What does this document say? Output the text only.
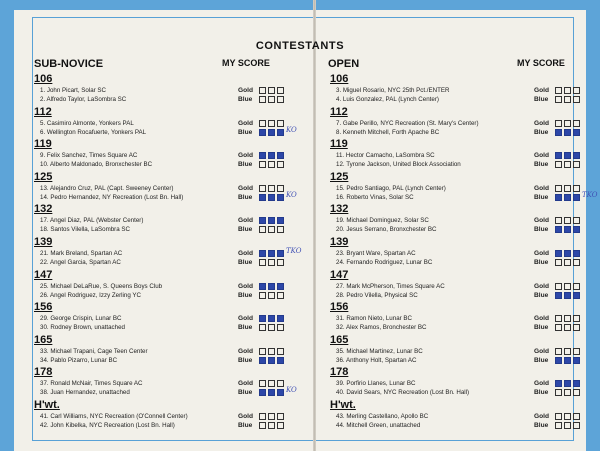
CONTESTANTS
SUB-NOVICE	MY SCORE	OPEN	MY SCORE
106
1. John Picart, Solar SC	Gold
2. Alfredo Taylor, LaSombra SC	Blue
112
5. Casimiro Almonte, Yonkers PAL	Gold
6. Wellington Rocafuerte, Yonkers PAL	Blue	KO
119
9. Felix Sanchez, Times Square AC	Gold
10. Alberto Maldonado, Bronxchester BC	Blue
125
13. Alejandro Cruz, PAL (Capt. Sweeney Center)	Gold
14. Pedro Hernandez, NY Recreation (Lost Bn. Hall)	Blue	KO
132
17. Angel Diaz, PAL (Webster Center)	Gold
18. Santos Vilella, LaSombra SC	Blue
139
21. Mark Breland, Spartan AC	Gold
22. Angel Garcia, Spartan AC	Blue
TKO
147
25. Michael DeLaRue, S. Queens Boys Club	Gold
26. Angel Rodriguez, Izzy Zerling YC	Blue
156
29. George Crispin, Lunar BC	Gold
30. Rodney Brown, unattached	Blue
165
33. Michael Trapani, Cage Teen Center	Gold
34. Pablo Pizarro, Lunar BC	Blue
178
37. Ronald McNair, Times Square AC	Gold
38. Juan Hernandez, unattached	Blue	KO
H'wt.
41. Carl Williams, NYC Recreation (O'Connell Center)	Gold
42. John Kibelka, NYC Recreation (Lost Bn. Hall)	Blue
106
3. Miguel Rosario, NYC 25th Pct./ENTER	Gold
4. Luis Gonzalez, PAL (Lynch Center)	Blue
112
7. Gabe Perillo, NYC Recreation (St. Mary's Center)	Gold
8. Kenneth Mitchell, Forth Apache BC	Blue
119
11. Hector Camacho, LaSombra SC	Gold
12. Tyrone Jackson, United Block Association	Blue
125
15. Pedro Santiago, PAL (Lynch Center)	Gold
16. Roberto Vinas, Solar SC	Blue	TKO
132
19. Michael Dominguez, Solar SC	Gold
20. Jesus Serrano, Bronxchester BC	Blue
139
23. Bryant Ware, Spartan AC	Gold
24. Fernando Rodriguez, Lunar BC	Blue
147
27. Mark McPherson, Times Square AC	Gold
28. Pedro Vilella, Physical SC	Blue
156
31. Ramon Nieto, Lunar BC	Gold
32. Alex Ramos, Bronchester BC	Blue
165
35. Michael Martinez, Lunar BC	Gold
36. Anthony Holt, Spartan AC	Blue
178
39. Porfirio Llanes, Lunar BC	Gold
40. David Sears, NYC Recreation (Lost Bn. Hall)	Blue
H'wt.
43. Merling Castellano, Apollo BC	Gold
44. Mitchell Green, unattached	Blue
